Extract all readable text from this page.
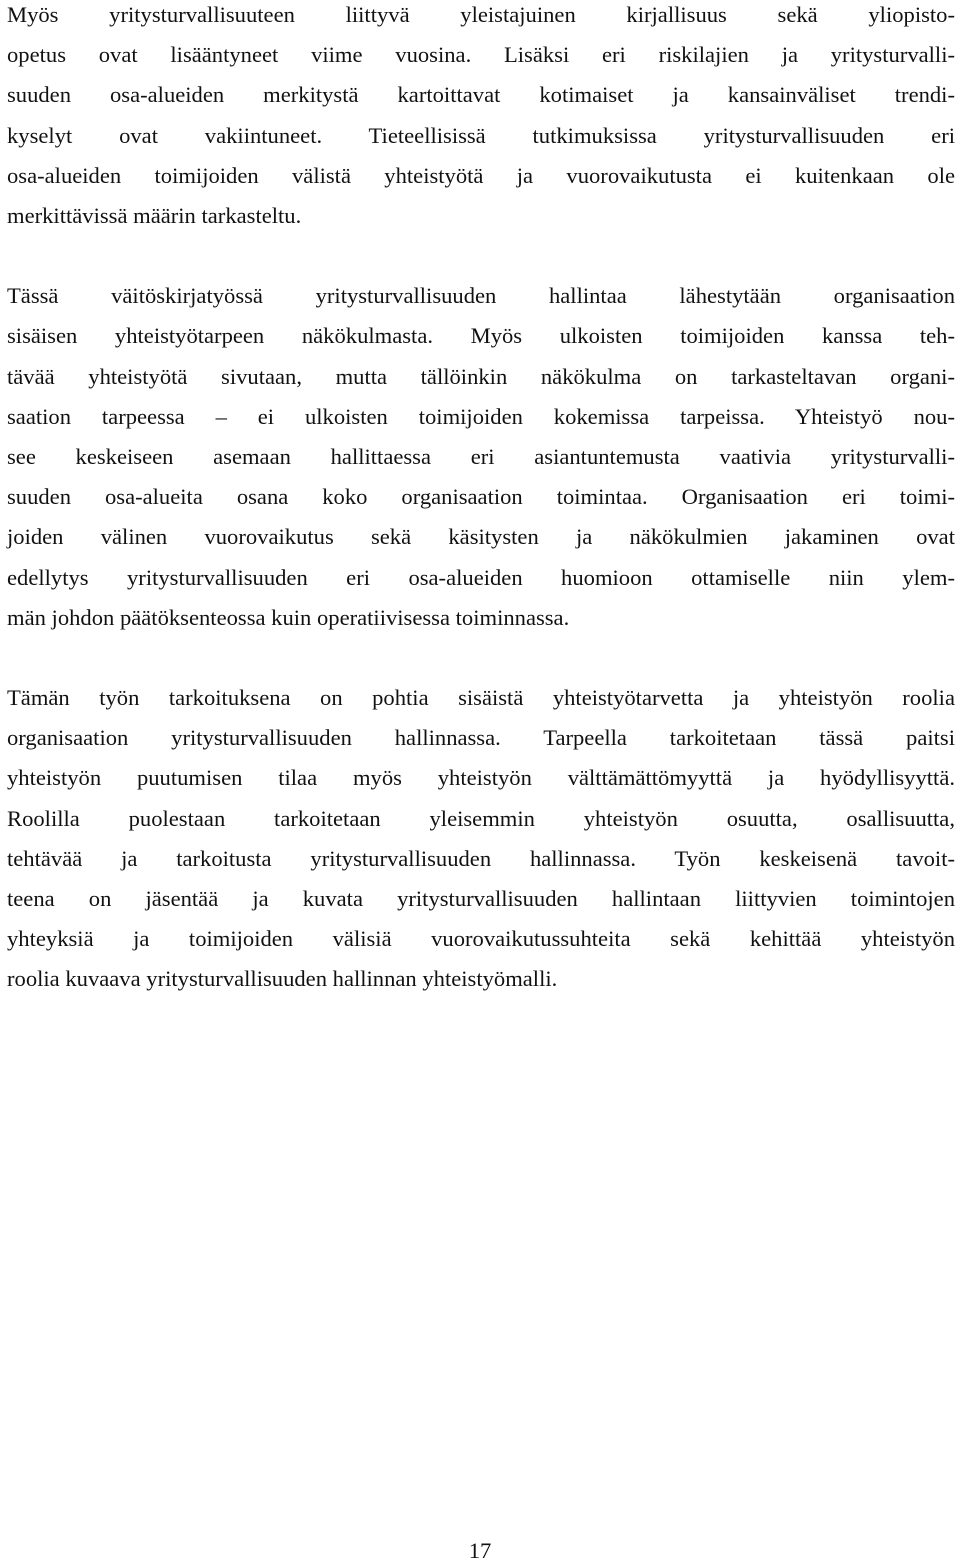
Myös yritysturvallisuuteen liittyvä yleistajuinen kirjallisuus sekä yliopisto-
opetus ovat lisääntyneet viime vuosina. Lisäksi eri riskilajien ja yritysturvalli-
suuden osa-alueiden merkitystä kartoittavat kotimaiset ja kansainväliset trendi-
kyselyt ovat vakiintuneet. Tieteellisissä tutkimuksissa yritysturvallisuuden eri
osa-alueiden toimijoiden välistä yhteistyötä ja vuorovaikutusta ei kuitenkaan ole
merkittävissä määrin tarkasteltu.
Tässä väitöskirjatyössä yritysturvallisuuden hallintaa lähestytään organisaation
sisäisen yhteistyötarpeen näkökulmasta. Myös ulkoisten toimijoiden kanssa teh-
tävää yhteistyötä sivutaan, mutta tällöinkin näkökulma on tarkasteltavan organi-
saation tarpeessa – ei ulkoisten toimijoiden kokemissa tarpeissa. Yhteistyö nou-
see keskeiseen asemaan hallittaessa eri asiantuntemusta vaativia yritysturvalli-
suuden osa-alueita osana koko organisaation toimintaa. Organisaation eri toimi-
joiden välinen vuorovaikutus sekä käsitysten ja näkökulmien jakaminen ovat
edellytys yritysturvallisuuden eri osa-alueiden huomioon ottamiselle niin ylem-
män johdon päätöksenteossa kuin operatiivisessa toiminnassa.
Tämän työn tarkoituksena on pohtia sisäistä yhteistyötarvetta ja yhteistyön roolia
organisaation yritysturvallisuuden hallinnassa. Tarpeella tarkoitetaan tässä paitsi
yhteistyön puutumisen tilaa myös yhteistyön välttämättömyyttä ja hyödyllisyyttä.
Roolilla puolestaan tarkoitetaan yleisemmin yhteistyön osuutta, osallisuutta,
tehtävää ja tarkoitusta yritysturvallisuuden hallinnassa. Työn keskeisenä tavoit-
teena on jäsentää ja kuvata yritysturvallisuuden hallintaan liittyvien toimintojen
yhteyksiä ja toimijoiden välisiä vuorovaikutussuhteita sekä kehittää yhteistyön
roolia kuvaava yritysturvallisuuden hallinnan yhteistyömalli.
17
